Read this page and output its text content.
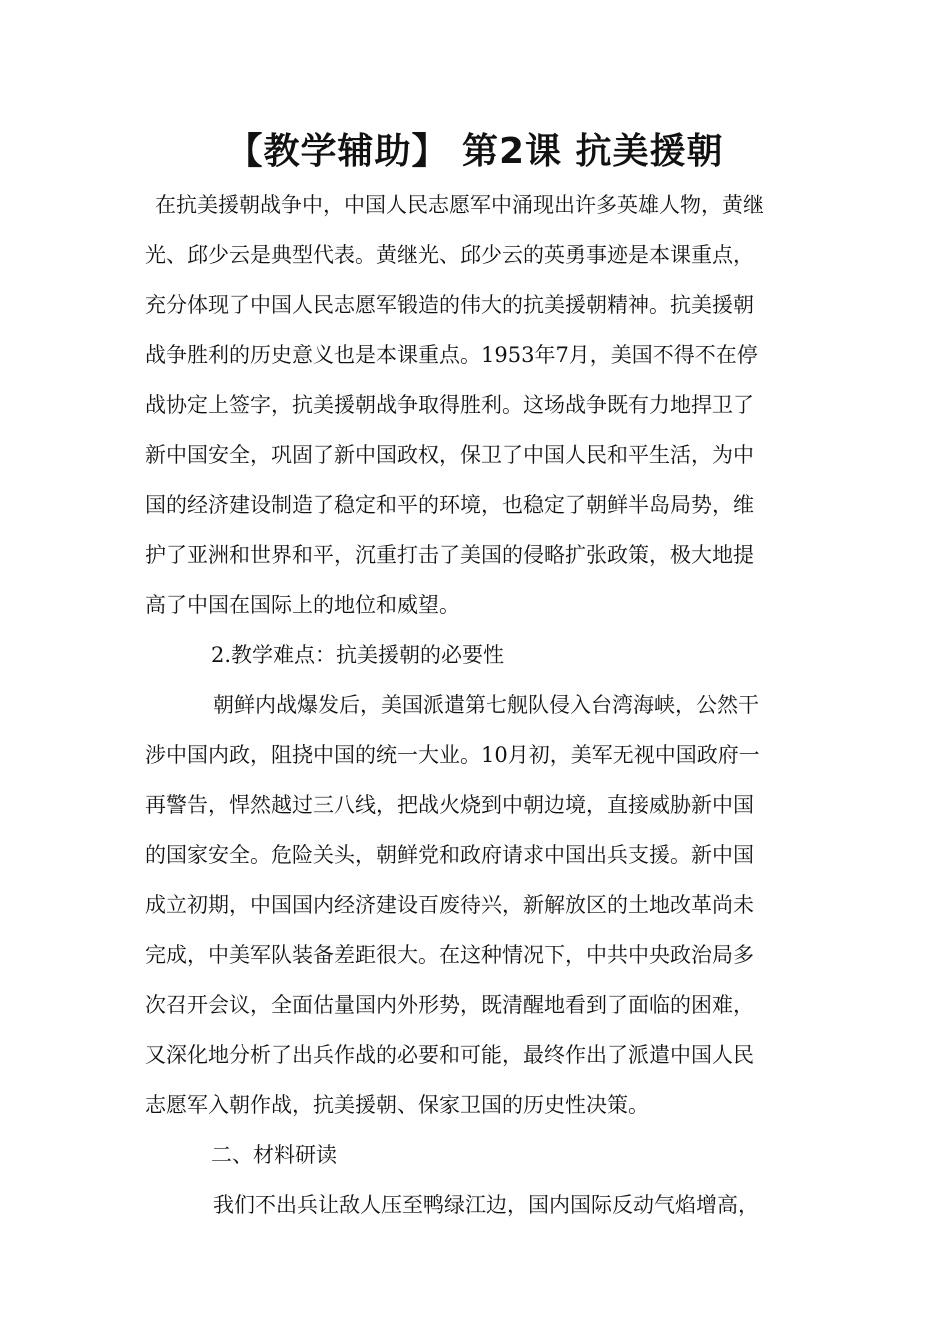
【教学辅助】 第2课 抗美援朝
在抗美援朝战争中，中国人民志愿军中涌现出许多英雄人物，黄继
光、邱少云是典型代表。黄继光、邱少云的英勇事迹是本课重点，
充分体现了中国人民志愿军锻造的伟大的抗美援朝精神。抗美援朝
战争胜利的历史意义也是本课重点。1953年7月，美国不得不在停
战协定上签字，抗美援朝战争取得胜利。这场战争既有力地捍卫了
新中国安全，巩固了新中国政权，保卫了中国人民和平生活，为中
国的经济建设制造了稳定和平的环境，也稳定了朝鲜半岛局势，维
护了亚洲和世界和平，沉重打击了美国的侵略扩张政策，极大地提
高了中国在国际上的地位和威望。
2.教学难点：抗美援朝的必要性
朝鲜内战爆发后，美国派遣第七舰队侵入台湾海峡，公然干
涉中国内政，阻挠中国的统一大业。10月初，美军无视中国政府一
再警告，悍然越过三八线，把战火烧到中朝边境，直接威胁新中国
的国家安全。危险关头，朝鲜党和政府请求中国出兵支援。新中国
成立初期，中国国内经济建设百废待兴，新解放区的土地改革尚未
完成，中美军队装备差距很大。在这种情况下，中共中央政治局多
次召开会议，全面估量国内外形势，既清醒地看到了面临的困难，
又深化地分析了出兵作战的必要和可能，最终作出了派遣中国人民
志愿军入朝作战，抗美援朝、保家卫国的历史性决策。
二、材料研读
我们不出兵让敌人压至鸭绿江边，国内国际反动气焰增高，
